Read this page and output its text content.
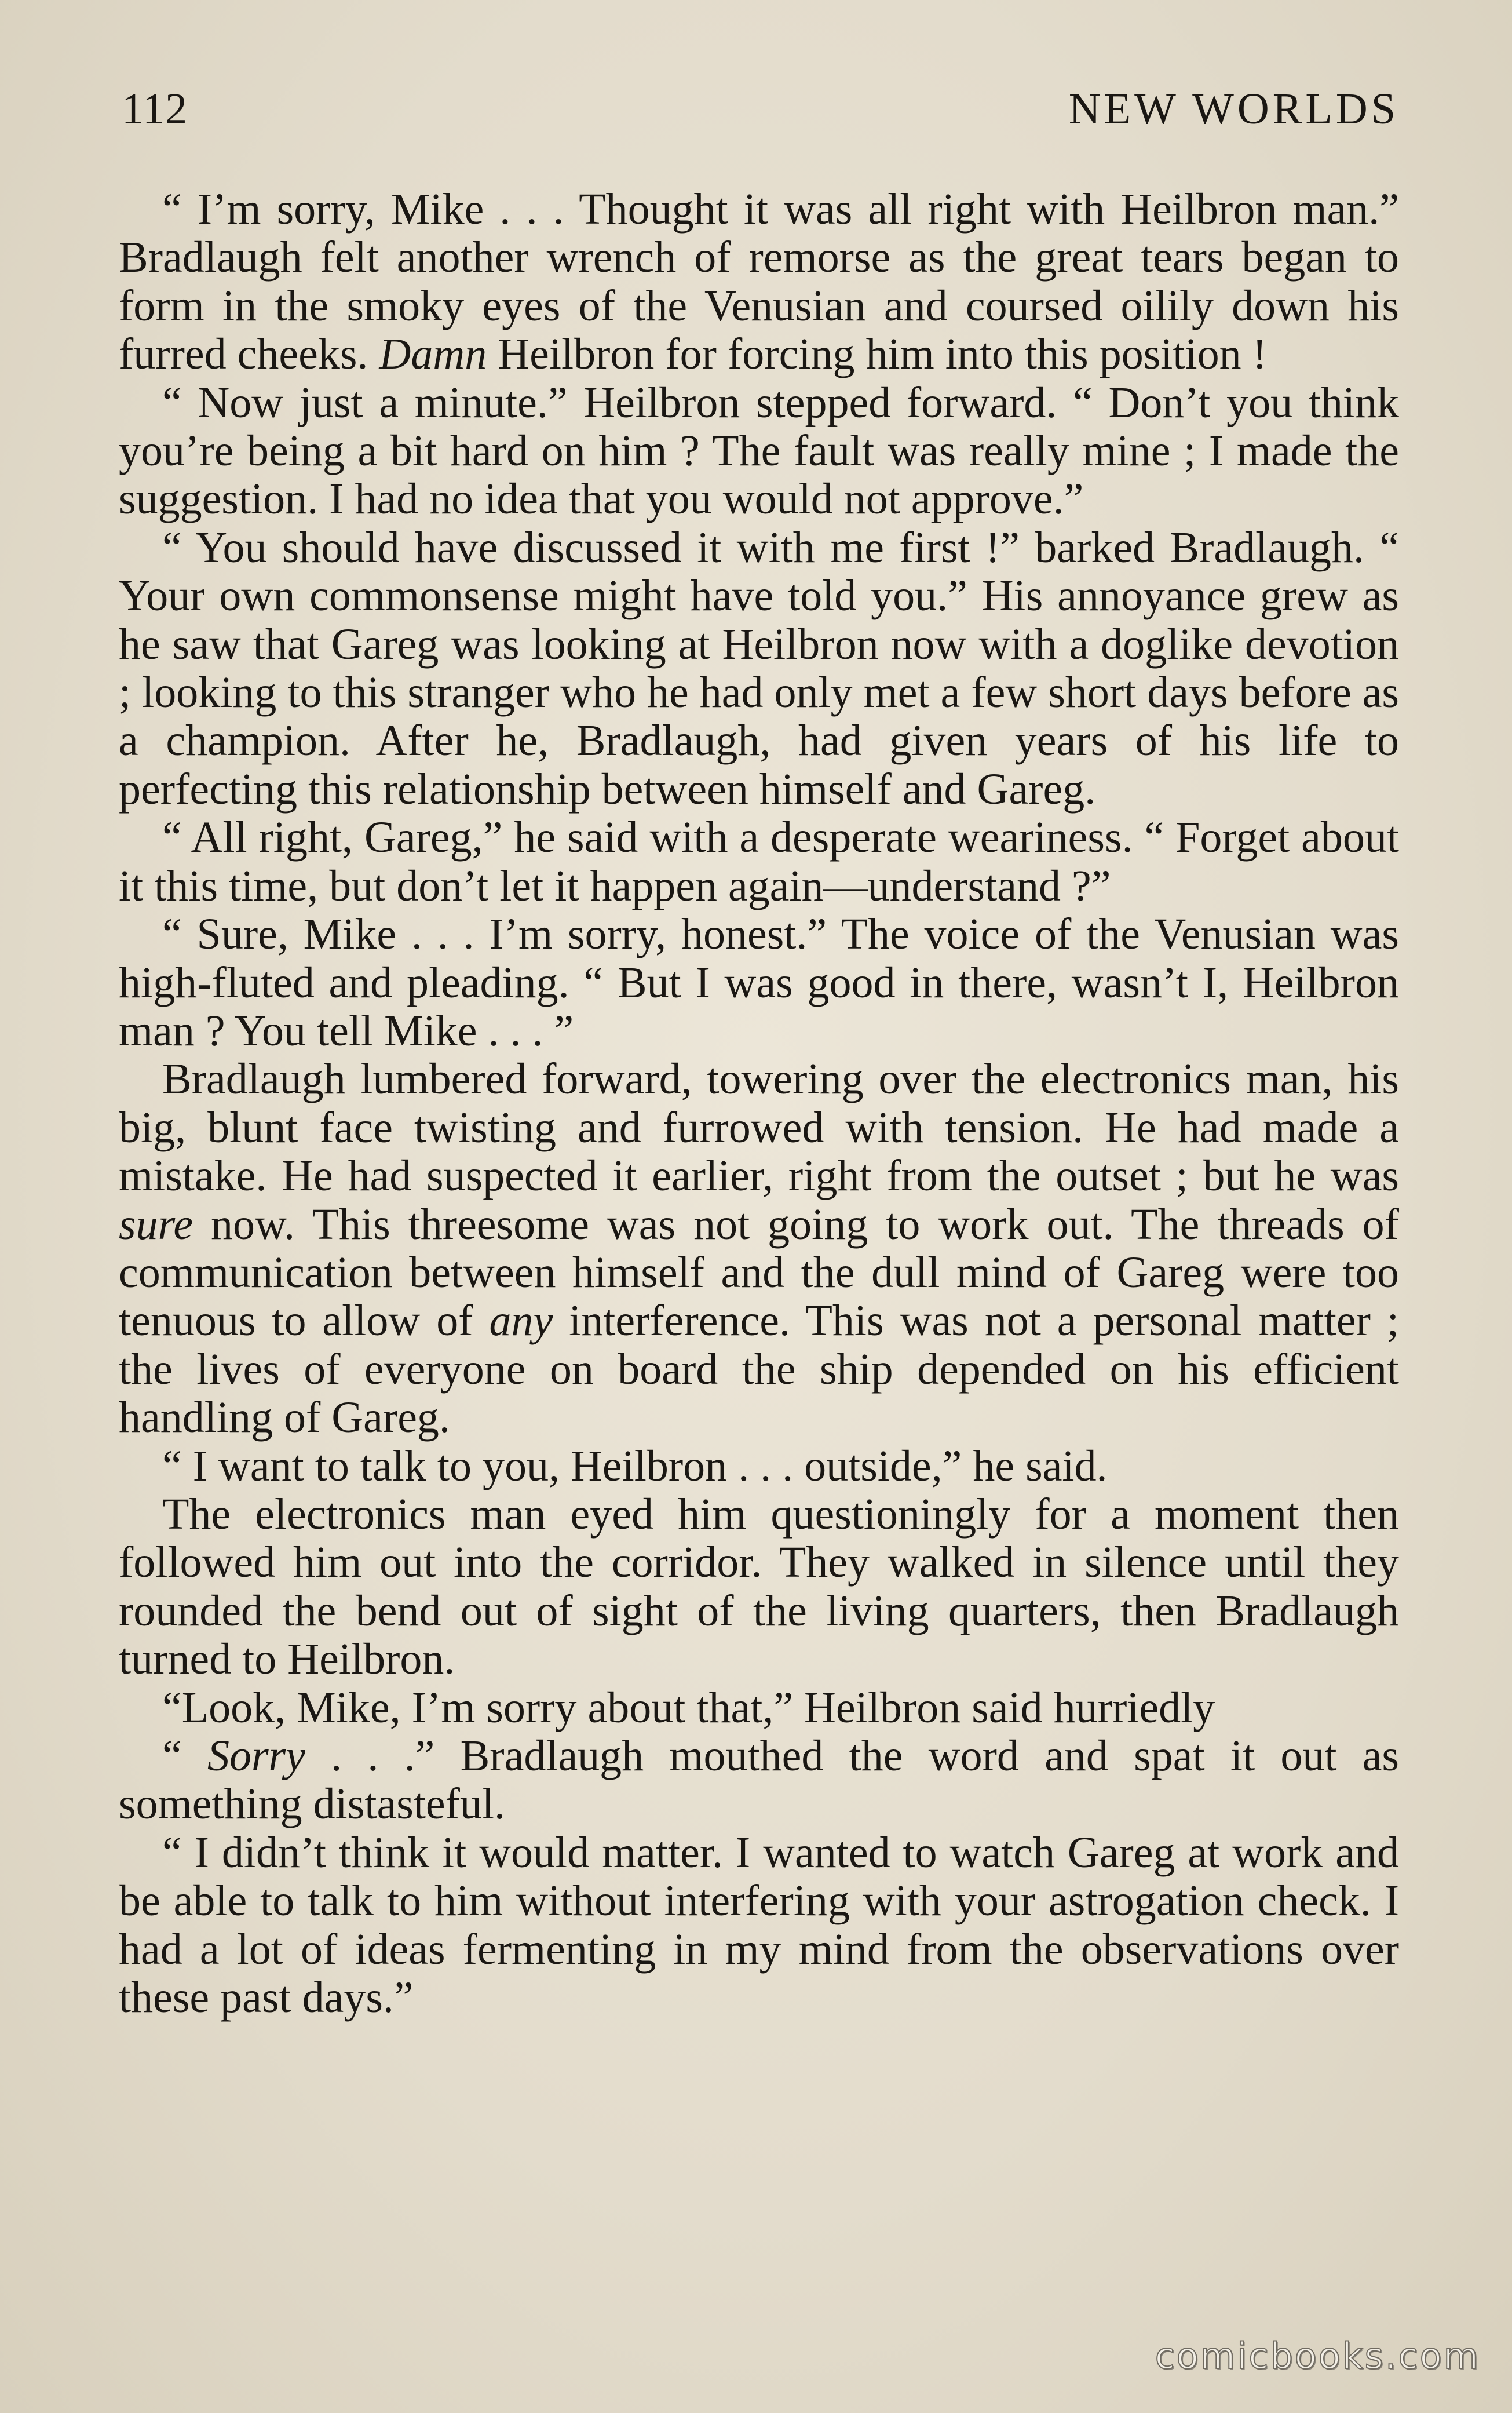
112	NEW WORLDS

“ I’m sorry, Mike . . . Thought it was all right with Heilbron man.” Bradlaugh felt another wrench of remorse as the great tears began to form in the smoky eyes of the Venusian and coursed oilily down his furred cheeks. Damn Heilbron for forcing him into this position !

“ Now just a minute.” Heilbron stepped forward. “ Don’t you think you’re being a bit hard on him ? The fault was really mine ; I made the suggestion. I had no idea that you would not approve.”

“ You should have discussed it with me first !” barked Bradlaugh. “ Your own commonsense might have told you.” His annoyance grew as he saw that Gareg was looking at Heilbron now with a doglike devotion ; looking to this stranger who he had only met a few short days before as a champion. After he, Bradlaugh, had given years of his life to perfecting this relationship between himself and Gareg.

“ All right, Gareg,” he said with a desperate weariness. “ Forget about it this time, but don’t let it happen again—understand ?”

“ Sure, Mike . . . I’m sorry, honest.” The voice of the Venusian was high-fluted and pleading. “ But I was good in there, wasn’t I, Heilbron man ? You tell Mike . . . ”

Bradlaugh lumbered forward, towering over the electronics man, his big, blunt face twisting and furrowed with tension. He had made a mistake. He had suspected it earlier, right from the outset ; but he was sure now. This threesome was not going to work out. The threads of communication between himself and the dull mind of Gareg were too tenuous to allow of any interference. This was not a personal matter ; the lives of everyone on board the ship depended on his efficient handling of Gareg.

“ I want to talk to you, Heilbron . . . outside,” he said.

The electronics man eyed him questioningly for a moment then followed him out into the corridor. They walked in silence until they rounded the bend out of sight of the living quarters, then Bradlaugh turned to Heilbron.

“Look, Mike, I’m sorry about that,” Heilbron said hurriedly

“ Sorry . . .” Bradlaugh mouthed the word and spat it out as something distasteful.

“ I didn’t think it would matter. I wanted to watch Gareg at work and be able to talk to him without interfering with your astrogation check. I had a lot of ideas fermenting in my mind from the observations over these past days.”

comicbooks.com
